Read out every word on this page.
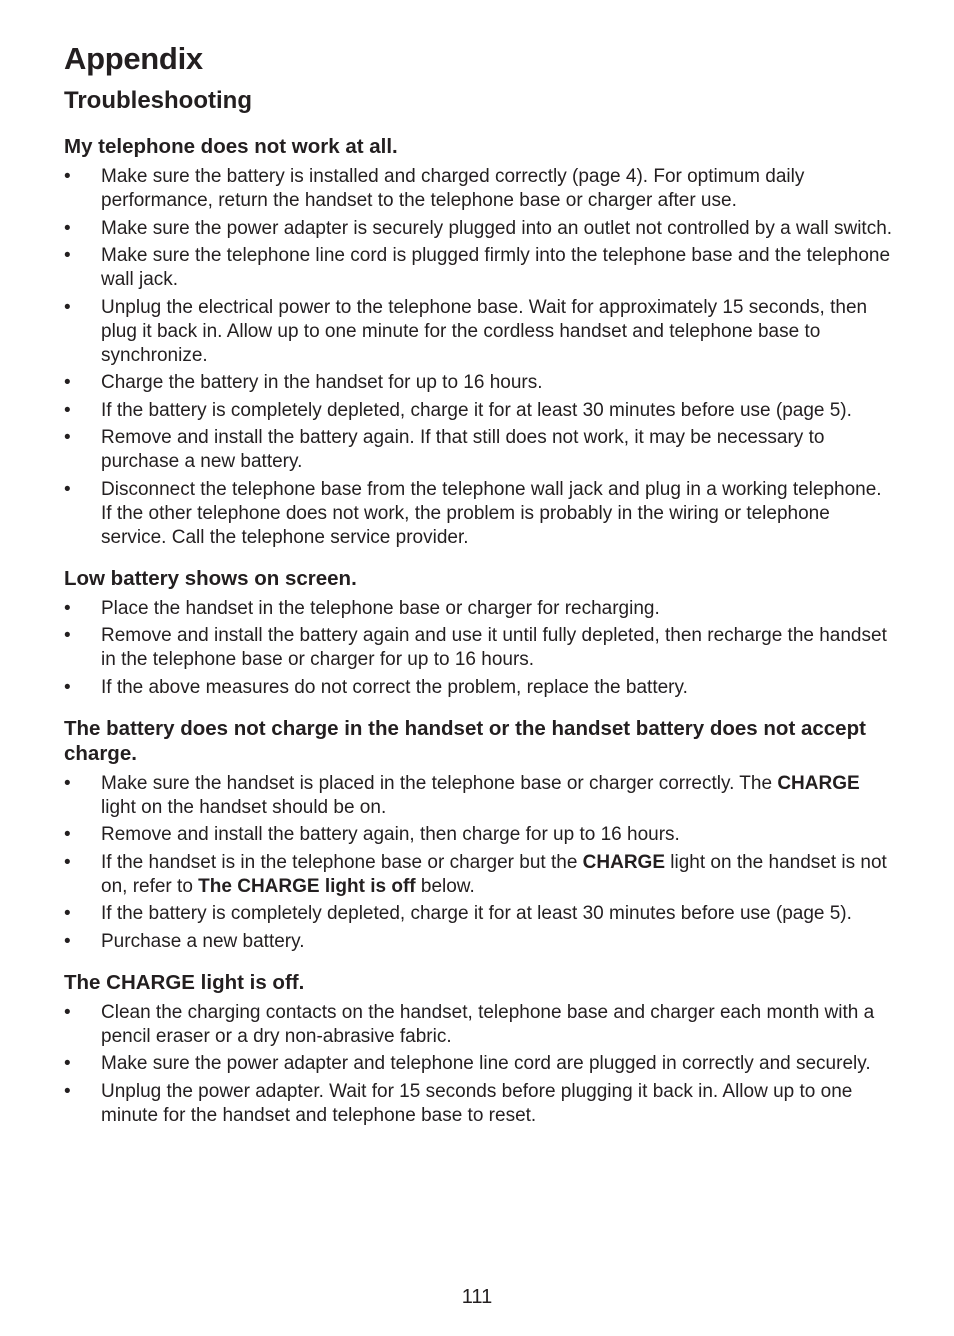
Appendix
Troubleshooting
My telephone does not work at all.
• Make sure the battery is installed and charged correctly (page 4). For optimum daily performance, return the handset to the telephone base or charger after use.
• Make sure the power adapter is securely plugged into an outlet not controlled by a wall switch.
• Make sure the telephone line cord is plugged firmly into the telephone base and the telephone wall jack.
• Unplug the electrical power to the telephone base. Wait for approximately 15 seconds, then plug it back in. Allow up to one minute for the cordless handset and telephone base to synchronize.
• Charge the battery in the handset for up to 16 hours.
• If the battery is completely depleted, charge it for at least 30 minutes before use (page 5).
• Remove and install the battery again. If that still does not work, it may be necessary to purchase a new battery.
• Disconnect the telephone base from the telephone wall jack and plug in a working telephone. If the other telephone does not work, the problem is probably in the wiring or telephone service. Call the telephone service provider.
Low battery shows on screen.
• Place the handset in the telephone base or charger for recharging.
• Remove and install the battery again and use it until fully depleted, then recharge the handset in the telephone base or charger for up to 16 hours.
• If the above measures do not correct the problem, replace the battery.
The battery does not charge in the handset or the handset battery does not accept charge.
• Make sure the handset is placed in the telephone base or charger correctly. The CHARGE light on the handset should be on.
• Remove and install the battery again, then charge for up to 16 hours.
• If the handset is in the telephone base or charger but the CHARGE light on the handset is not on, refer to The CHARGE light is off below.
• If the battery is completely depleted, charge it for at least 30 minutes before use (page 5).
• Purchase a new battery.
The CHARGE light is off.
• Clean the charging contacts on the handset, telephone base and charger each month with a pencil eraser or a dry non-abrasive fabric.
• Make sure the power adapter and telephone line cord are plugged in correctly and securely.
• Unplug the power adapter. Wait for 15 seconds before plugging it back in. Allow up to one minute for the handset and telephone base to reset.
111
